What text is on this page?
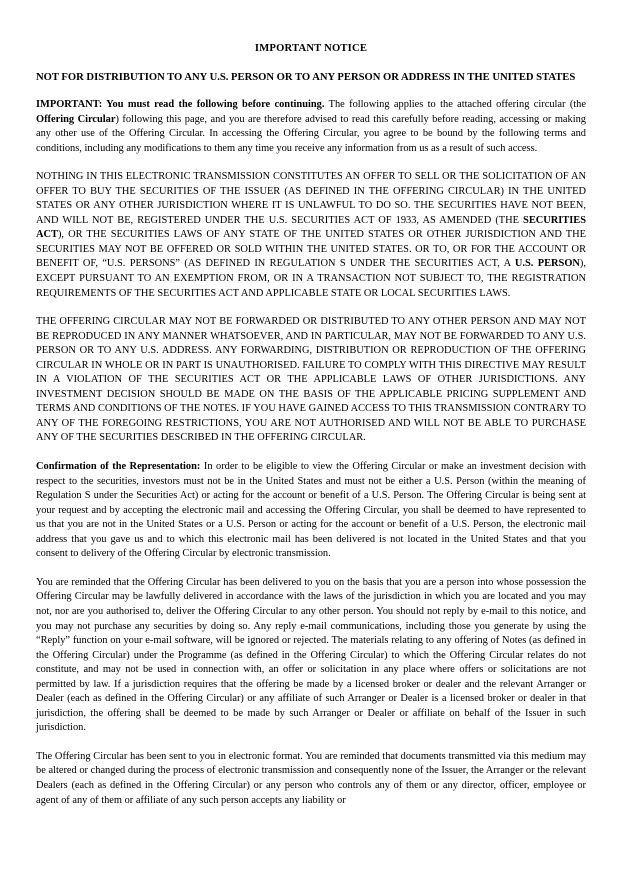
IMPORTANT NOTICE
NOT FOR DISTRIBUTION TO ANY U.S. PERSON OR TO ANY PERSON OR ADDRESS IN THE UNITED STATES

IMPORTANT: You must read the following before continuing. The following applies to the attached offering circular (the Offering Circular) following this page, and you are therefore advised to read this carefully before reading, accessing or making any other use of the Offering Circular. In accessing the Offering Circular, you agree to be bound by the following terms and conditions, including any modifications to them any time you receive any information from us as a result of such access.

NOTHING IN THIS ELECTRONIC TRANSMISSION CONSTITUTES AN OFFER TO SELL OR THE SOLICITATION OF AN OFFER TO BUY THE SECURITIES OF THE ISSUER (AS DEFINED IN THE OFFERING CIRCULAR) IN THE UNITED STATES OR ANY OTHER JURISDICTION WHERE IT IS UNLAWFUL TO DO SO. THE SECURITIES HAVE NOT BEEN, AND WILL NOT BE, REGISTERED UNDER THE U.S. SECURITIES ACT OF 1933, AS AMENDED (THE SECURITIES ACT), OR THE SECURITIES LAWS OF ANY STATE OF THE UNITED STATES OR OTHER JURISDICTION AND THE SECURITIES MAY NOT BE OFFERED OR SOLD WITHIN THE UNITED STATES. OR TO, OR FOR THE ACCOUNT OR BENEFIT OF, “U.S. PERSONS” (AS DEFINED IN REGULATION S UNDER THE SECURITIES ACT, A U.S. PERSON), EXCEPT PURSUANT TO AN EXEMPTION FROM, OR IN A TRANSACTION NOT SUBJECT TO, THE REGISTRATION REQUIREMENTS OF THE SECURITIES ACT AND APPLICABLE STATE OR LOCAL SECURITIES LAWS.

THE OFFERING CIRCULAR MAY NOT BE FORWARDED OR DISTRIBUTED TO ANY OTHER PERSON AND MAY NOT BE REPRODUCED IN ANY MANNER WHATSOEVER, AND IN PARTICULAR, MAY NOT BE FORWARDED TO ANY U.S. PERSON OR TO ANY U.S. ADDRESS. ANY FORWARDING, DISTRIBUTION OR REPRODUCTION OF THE OFFERING CIRCULAR IN WHOLE OR IN PART IS UNAUTHORISED. FAILURE TO COMPLY WITH THIS DIRECTIVE MAY RESULT IN A VIOLATION OF THE SECURITIES ACT OR THE APPLICABLE LAWS OF OTHER JURISDICTIONS. ANY INVESTMENT DECISION SHOULD BE MADE ON THE BASIS OF THE APPLICABLE PRICING SUPPLEMENT AND TERMS AND CONDITIONS OF THE NOTES. IF YOU HAVE GAINED ACCESS TO THIS TRANSMISSION CONTRARY TO ANY OF THE FOREGOING RESTRICTIONS, YOU ARE NOT AUTHORISED AND WILL NOT BE ABLE TO PURCHASE ANY OF THE SECURITIES DESCRIBED IN THE OFFERING CIRCULAR.

Confirmation of the Representation: In order to be eligible to view the Offering Circular or make an investment decision with respect to the securities, investors must not be in the United States and must not be either a U.S. Person (within the meaning of Regulation S under the Securities Act) or acting for the account or benefit of a U.S. Person. The Offering Circular is being sent at your request and by accepting the electronic mail and accessing the Offering Circular, you shall be deemed to have represented to us that you are not in the United States or a U.S. Person or acting for the account or benefit of a U.S. Person, the electronic mail address that you gave us and to which this electronic mail has been delivered is not located in the United States and that you consent to delivery of the Offering Circular by electronic transmission.

You are reminded that the Offering Circular has been delivered to you on the basis that you are a person into whose possession the Offering Circular may be lawfully delivered in accordance with the laws of the jurisdiction in which you are located and you may not, nor are you authorised to, deliver the Offering Circular to any other person. You should not reply by e-mail to this notice, and you may not purchase any securities by doing so. Any reply e-mail communications, including those you generate by using the “Reply” function on your e-mail software, will be ignored or rejected. The materials relating to any offering of Notes (as defined in the Offering Circular) under the Programme (as defined in the Offering Circular) to which the Offering Circular relates do not constitute, and may not be used in connection with, an offer or solicitation in any place where offers or solicitations are not permitted by law. If a jurisdiction requires that the offering be made by a licensed broker or dealer and the relevant Arranger or Dealer (each as defined in the Offering Circular) or any affiliate of such Arranger or Dealer is a licensed broker or dealer in that jurisdiction, the offering shall be deemed to be made by such Arranger or Dealer or affiliate on behalf of the Issuer in such jurisdiction.

The Offering Circular has been sent to you in electronic format. You are reminded that documents transmitted via this medium may be altered or changed during the process of electronic transmission and consequently none of the Issuer, the Arranger or the relevant Dealers (each as defined in the Offering Circular) or any person who controls any of them or any director, officer, employee or agent of any of them or affiliate of any such person accepts any liability or
